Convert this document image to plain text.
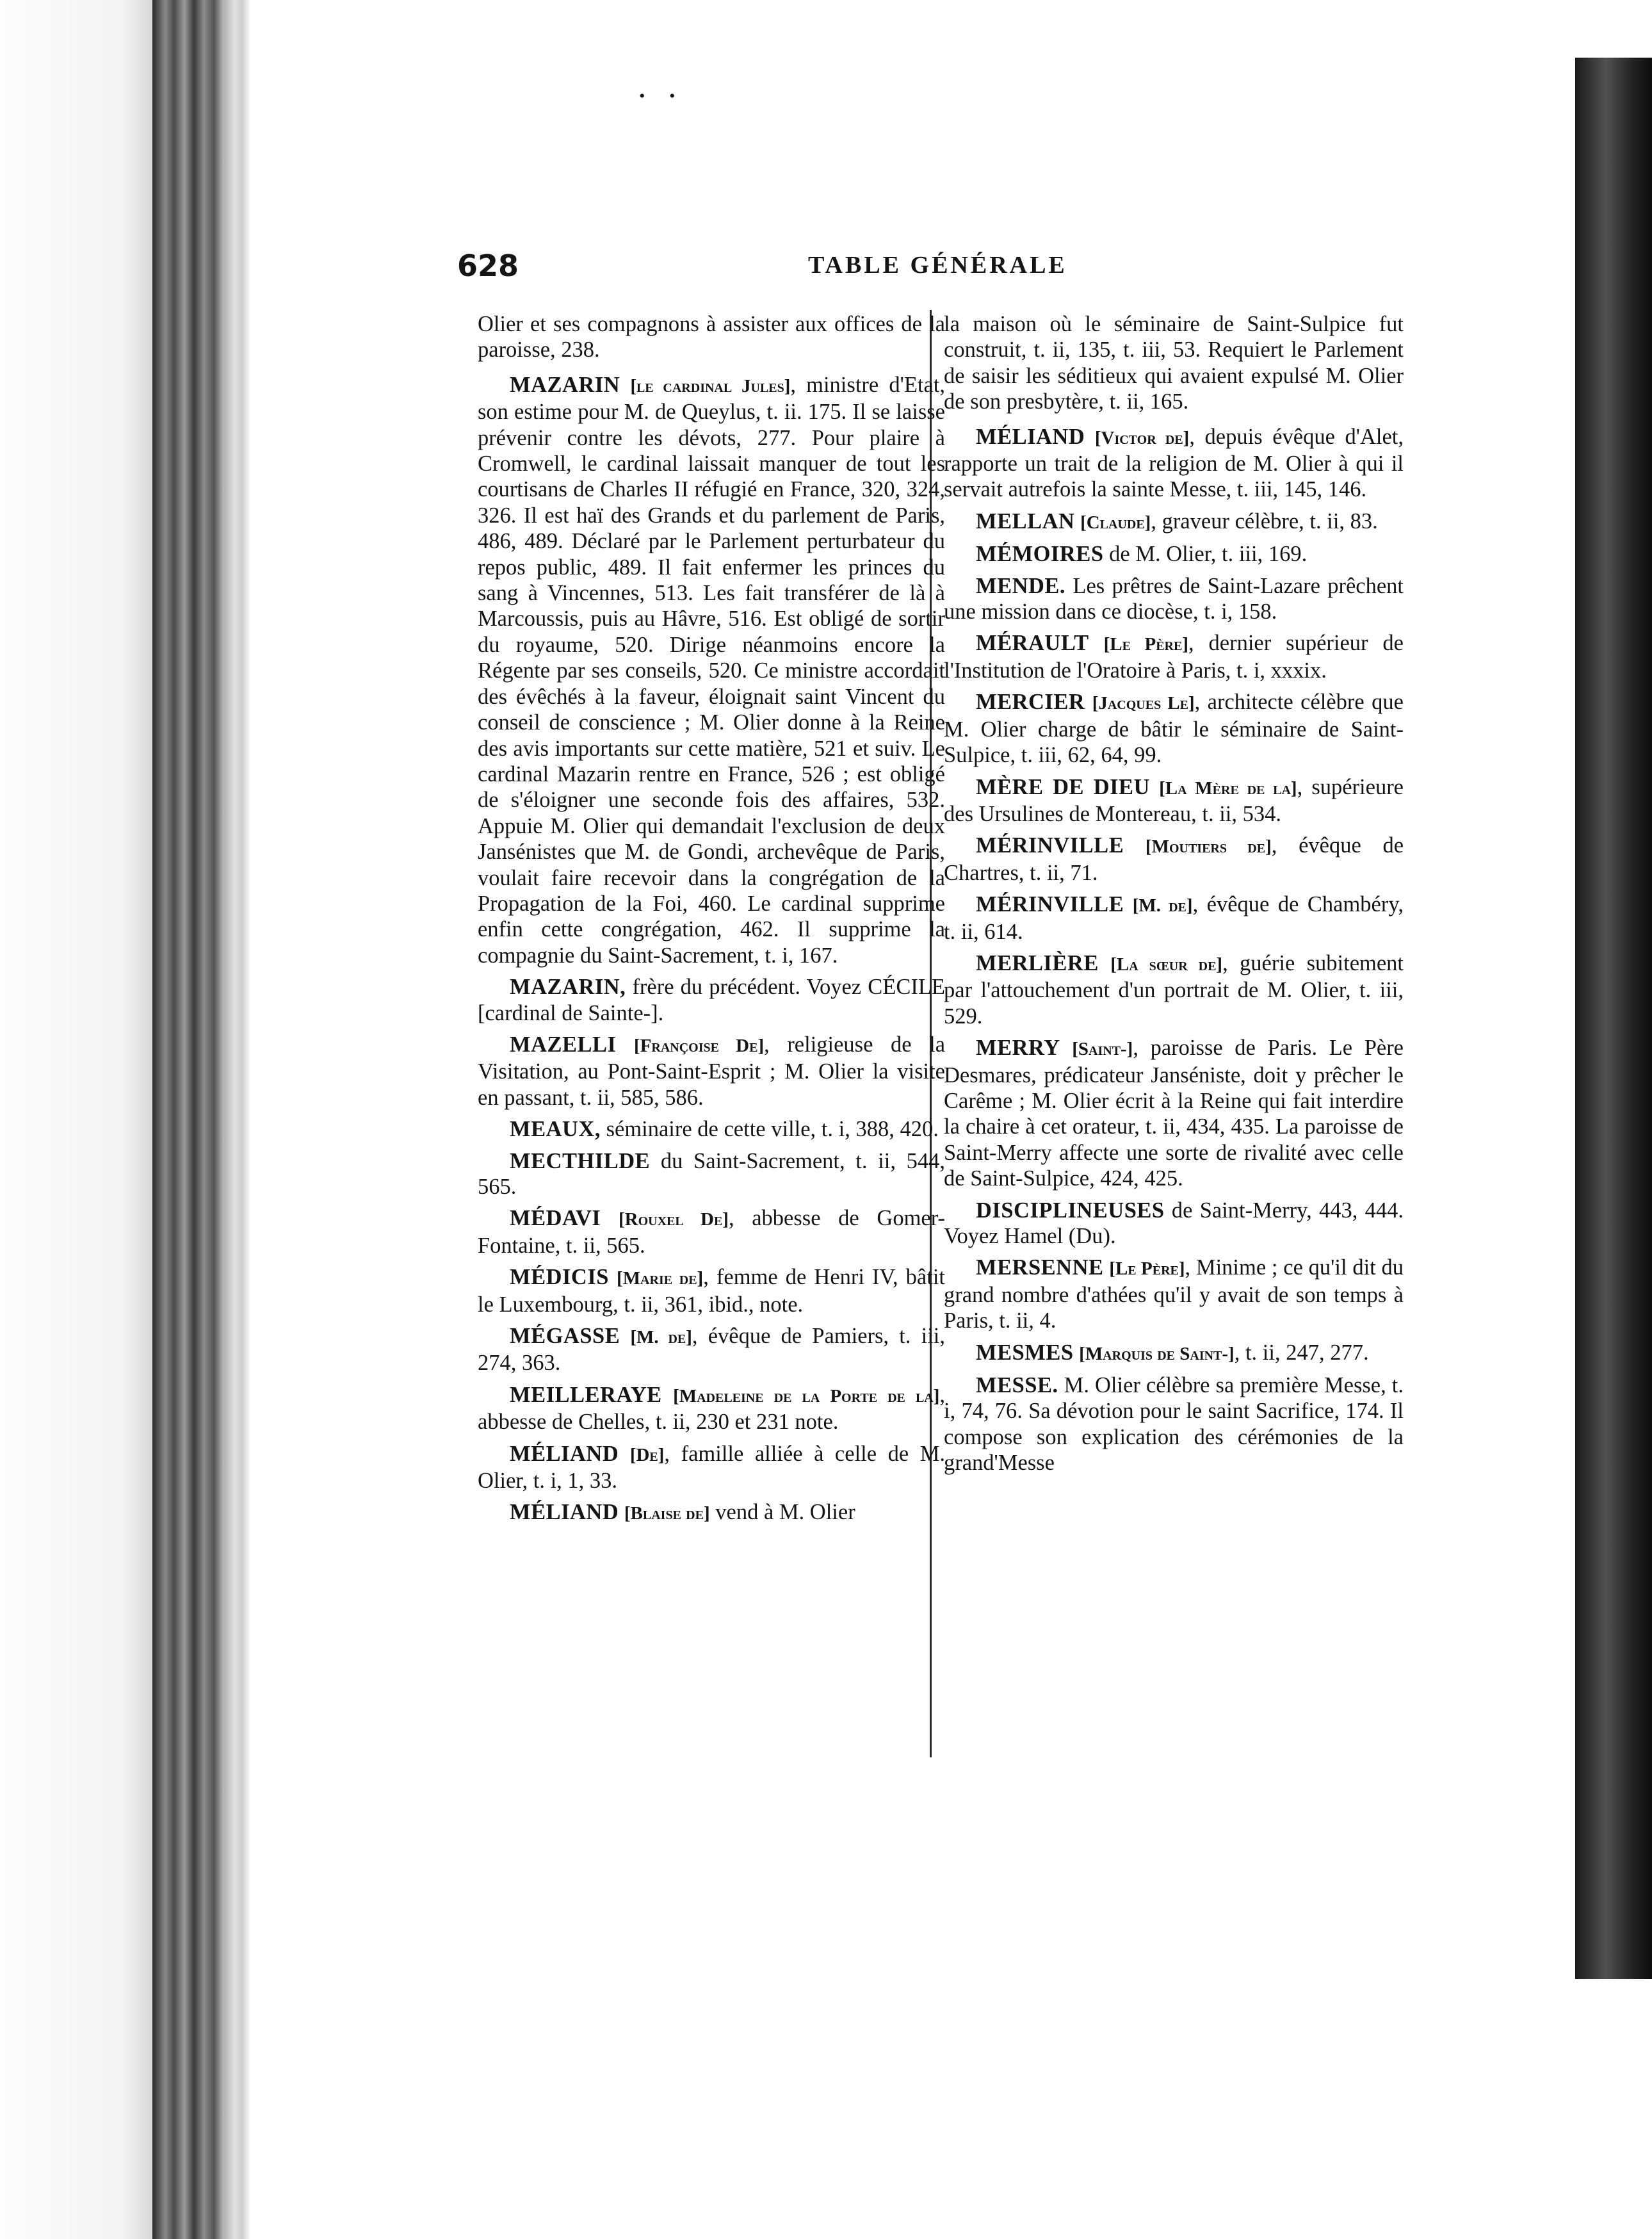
. .
628	TABLE GÉNÉRALE

Olier et ses compagnons à assister aux offices de la paroisse, 238.

MAZARIN [le cardinal Jules], ministre d'Etat, son estime pour M. de Queylus, t. ii. 175. Il se laisse prévenir contre les dévots, 277. Pour plaire à Cromwell, le cardinal laissait manquer de tout les courtisans de Charles II réfugié en France, 320, 324, 326. Il est haï des Grands et du parlement de Paris, 486, 489. Déclaré par le Parlement perturbateur du repos public, 489. Il fait enfermer les princes du sang à Vincennes, 513. Les fait transférer de là à Marcoussis, puis au Hâvre, 516. Est obligé de sortir du royaume, 520. Dirige néanmoins encore la Régente par ses conseils, 520. Ce ministre accordait des évêchés à la faveur, éloignait saint Vincent du conseil de conscience ; M. Olier donne à la Reine des avis importants sur cette matière, 521 et suiv. Le cardinal Mazarin rentre en France, 526 ; est obligé de s'éloigner une seconde fois des affaires, 532. Appuie M. Olier qui demandait l'exclusion de deux Jansénistes que M. de Gondi, archevêque de Paris, voulait faire recevoir dans la congrégation de la Propagation de la Foi, 460. Le cardinal supprime enfin cette congrégation, 462. Il supprime la compagnie du Saint-Sacrement, t. i, 167.

MAZARIN, frère du précédent. Voyez CÉCILE [cardinal de Sainte-].

MAZELLI [Françoise De], religieuse de la Visitation, au Pont-Saint-Esprit ; M. Olier la visite en passant, t. ii, 585, 586.

MEAUX, séminaire de cette ville, t. i, 388, 420.

MECTHILDE du Saint-Sacrement, t. ii, 544, 565.

MÉDAVI [Rouxel De], abbesse de Gomer-Fontaine, t. ii, 565.

MÉDICIS [Marie de], femme de Henri IV, bâtit le Luxembourg, t. ii, 361, ibid., note.

MÉGASSE [M. de], évêque de Pamiers, t. iii, 274, 363.

MEILLERAYE [Madeleine de la Porte de la], abbesse de Chelles, t. ii, 230 et 231 note.

MÉLIAND [De], famille alliée à celle de M. Olier, t. i, 1, 33.

MÉLIAND [Blaise de] vend à M. Olier

la maison où le séminaire de Saint-Sulpice fut construit, t. ii, 135, t. iii, 53. Requiert le Parlement de saisir les séditieux qui avaient expulsé M. Olier de son presbytère, t. ii, 165.

MÉLIAND [Victor de], depuis évêque d'Alet, rapporte un trait de la religion de M. Olier à qui il servait autrefois la sainte Messe, t. iii, 145, 146.

MELLAN [Claude], graveur célèbre, t. ii, 83.

MÉMOIRES de M. Olier, t. iii, 169.

MENDE. Les prêtres de Saint-Lazare prêchent une mission dans ce diocèse, t. i, 158.

MÉRAULT [Le Père], dernier supérieur de l'Institution de l'Oratoire à Paris, t. i, xxxix.

MERCIER [Jacques Le], architecte célèbre que M. Olier charge de bâtir le séminaire de Saint-Sulpice, t. iii, 62, 64, 99.

MÈRE DE DIEU [La Mère de la], supérieure des Ursulines de Montereau, t. ii, 534.

MÉRINVILLE [Moutiers de], évêque de Chartres, t. ii, 71.

MÉRINVILLE [M. de], évêque de Chambéry, t. ii, 614.

MERLIÈRE [La sœur de], guérie subitement par l'attouchement d'un portrait de M. Olier, t. iii, 529.

MERRY [Saint-], paroisse de Paris. Le Père Desmares, prédicateur Janséniste, doit y prêcher le Carême ; M. Olier écrit à la Reine qui fait interdire la chaire à cet orateur, t. ii, 434, 435. La paroisse de Saint-Merry affecte une sorte de rivalité avec celle de Saint-Sulpice, 424, 425.

DISCIPLINEUSES de Saint-Merry, 443, 444. Voyez Hamel (Du).

MERSENNE [Le Père], Minime ; ce qu'il dit du grand nombre d'athées qu'il y avait de son temps à Paris, t. ii, 4.

MESMES [Marquis de Saint-], t. ii, 247, 277.

MESSE. M. Olier célèbre sa première Messe, t. i, 74, 76. Sa dévotion pour le saint Sacrifice, 174. Il compose son explication des cérémonies de la grand'Messe
